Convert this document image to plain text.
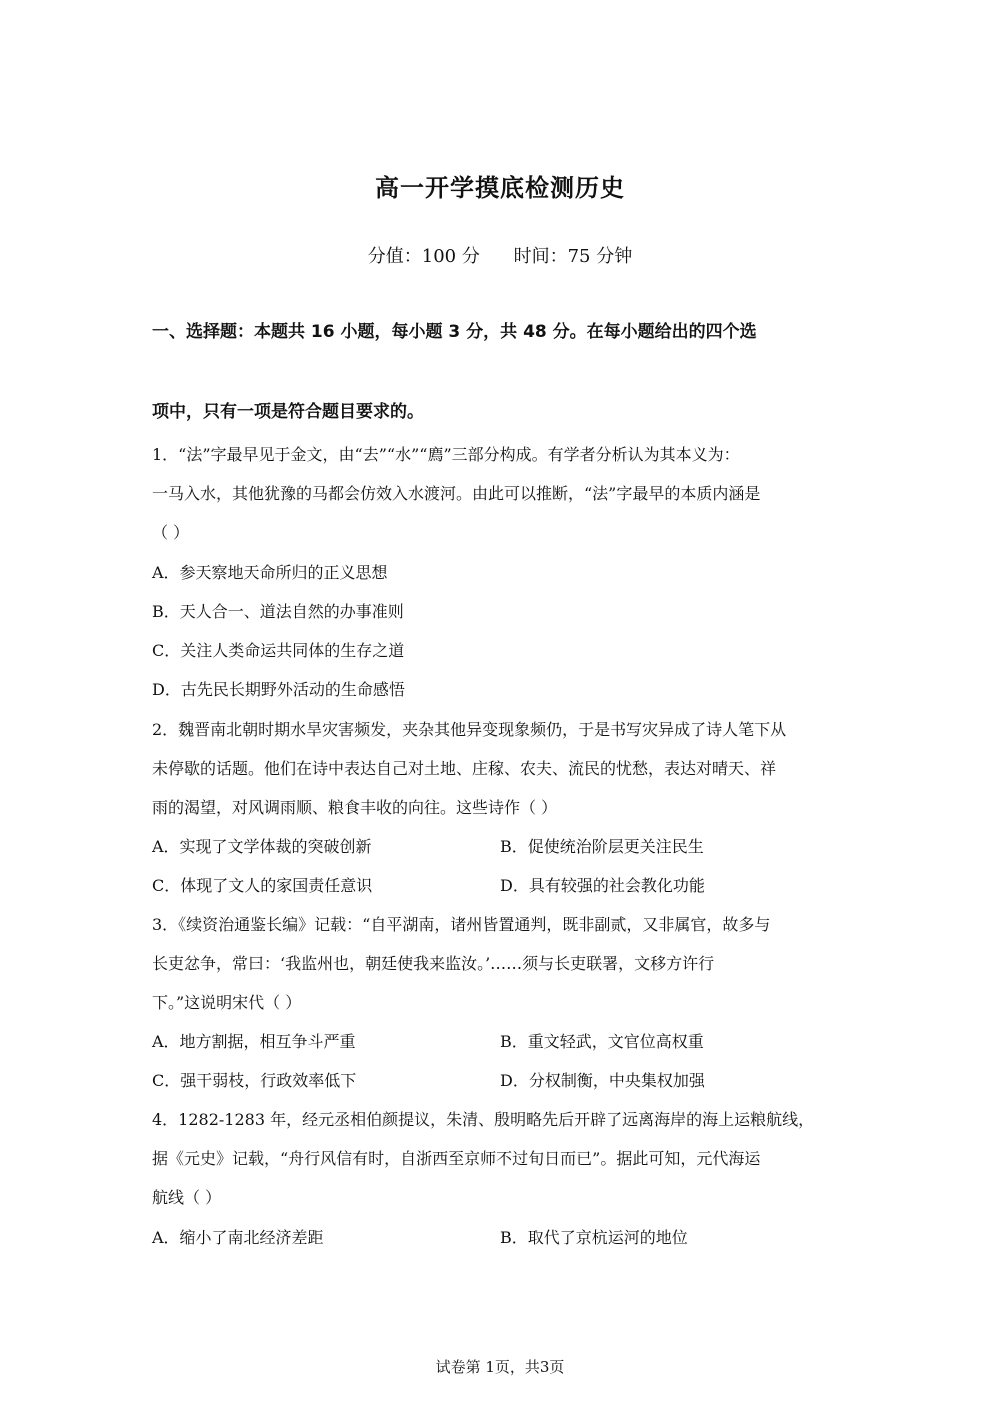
高一开学摸底检测历史
分值：100 分 时间：75 分钟
一、选择题：本题共 16 小题，每小题 3 分，共 48 分。在每小题给出的四个选
项中，只有一项是符合题目要求的。
1．“法”字最早见于金文，由“去”“水”“廌”三部分构成。有学者分析认为其本义为：
一马入水，其他犹豫的马都会仿效入水渡河。由此可以推断，“法”字最早的本质内涵是
（ ）
A．参天察地天命所归的正义思想
B．天人合一、道法自然的办事准则
C．关注人类命运共同体的生存之道
D．古先民长期野外活动的生命感悟
2．魏晋南北朝时期水旱灾害频发，夹杂其他异变现象频仍，于是书写灾异成了诗人笔下从
未停歇的话题。他们在诗中表达自己对土地、庄稼、农夫、流民的忧愁，表达对晴天、祥
雨的渴望，对风调雨顺、粮食丰收的向往。这些诗作（ ）
A．实现了文学体裁的突破创新	B．促使统治阶层更关注民生
C．体现了文人的家国责任意识	D．具有较强的社会教化功能
3．《续资治通鉴长编》记载：“自平湖南，诸州皆置通判，既非副贰，又非属官，故多与
长吏忿争，常曰：‘我监州也，朝廷使我来监汝。’……须与长吏联署，文移方许行
下。”这说明宋代（ ）
A．地方割据，相互争斗严重	B．重文轻武，文官位高权重
C．强干弱枝，行政效率低下	D．分权制衡，中央集权加强
4．1282-1283 年，经元丞相伯颜提议，朱清、殷明略先后开辟了远离海岸的海上运粮航线，
据《元史》记载，“舟行风信有时，自浙西至京师不过旬日而已”。据此可知，元代海运
航线（ ）
A．缩小了南北经济差距	B．取代了京杭运河的地位
试卷第 1页，共3页
